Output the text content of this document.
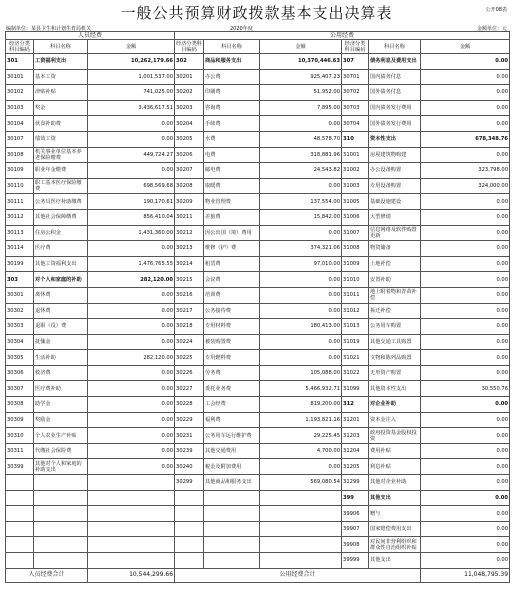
一般公共预算财政拨款基本支出决算表	公开08表
编制单位：某县卫生和计划生育局机关	2020年度	金额单位：元
人员经费			公用经费					
经济分类科目编码	科目名称	金额	经济分类科目编码	科目名称	金额	经济分类科目编码	科目名称	金额
301	工资福利支出	10,262,179.66	302	商品和服务支出	10,370,446.63	307	债务利息及费用支出	0.00
30101	基本工资	1,001,537.00	30201	办公费	925,407.23	30701	国内债务付息	0.00
30102	津贴补贴	741,025.00	30202	印刷费	51,952.00	30702	国外债务付息	0.00
30103	奖金	3,436,617.51	30203	咨询费	7,895.00	30703	国内债务发行费用	0.00
30104	伙食补助费	0.00	30204	手续费	0.00	30704	国外债务发行费用	0.00
30107	绩效工资	0.00	30205	水费	48,578.70	310	资本性支出	678,348.76
30108	机关事业单位基本养老保险缴费	449,724.27	30206	电费	318,881.96	31001	房屋建筑物购建	0.00
30109	职业年金缴费	0.00	30207	邮电费	24,543.82	31002	办公设备购置	323,798.00
30110	职工基本医疗保险缴费	698,569.68	30208	取暖费	0.00	31003	专用设备购置	324,000.00
30111	公务员医疗补助缴费	190,170.61	30209	物业管理费	137,554.00	31005	基础设施建设	0.00
30112	其他社会保障缴费	856,410.04	30211	差旅费	15,842.00	31006	大型修缮	0.00
30113	住房公积金	1,431,360.00	30212	因公出国（境）费用	0.00	31007	信息网络及软件购置更新	0.00
30114	医疗费	0.00	30213	维修（护）费	374,321.06	31008	物资储备	0.00
30199	其他工资福利支出	1,476,765.55	30214	租赁费	97,010.00	31009	土地补偿	0.00
303	对个人和家庭的补助	282,120.00	30215	会议费	0.00	31010	安置补助	0.00
30301	离休费	0.00	30216	培训费	0.00	31011	地上附着物和青苗补偿	0.00
30302	退休费	0.00	30217	公务接待费	0.00	31012	拆迁补偿	0.00
30303	退职（役）费	0.00	30218	专用材料费	180,413.00	31013	公务用车购置	0.00
30304	抚恤金	0.00	30224	被装购置费	0.00	31019	其他交通工具购置	0.00
30305	生活补助	282,120.00	30225	专用燃料费	0.00	31021	文物和陈列品购置	0.00
30306	救济费	0.00	30226	劳务费	105,088.00	31022	无形资产购置	0.00
30307	医疗费补助	0.00	30227	委托业务费	5,466,932.71	31099	其他资本性支出	30,550.76
30308	助学金	0.00	30228	工会经费	819,200.00	312	对企业补助	0.00
30309	奖励金	0.00	30229	福利费	1,193,821.16	31201	资本金注入	0.00
30310	个人农业生产补贴	0.00	30231	公务用车运行维护费	29,225.45	31203	政府投资基金股权投资	0.00
30311	代缴社会保险费	0.00	30239	其他交通费用	4,700.00	31204	费用补贴	0.00
30399	其他对个人和家庭的补助支出	0.00	30240	税金及附加费用	0.00	31205	利息补贴	0.00
			30299	其他商品和服务支出	569,080.54	31299	其他对企业补助	0.00
						399	其他支出	0.00
						39906	赠与	0.00
						39907	国家赔偿费用支出	0.00
						39908	对民间非营利组织和群众性自治组织补贴	0.00
						39999	其他支出	0.00
人员经费合计		10,544,299.66	公用经费合计					11,048,795.39
